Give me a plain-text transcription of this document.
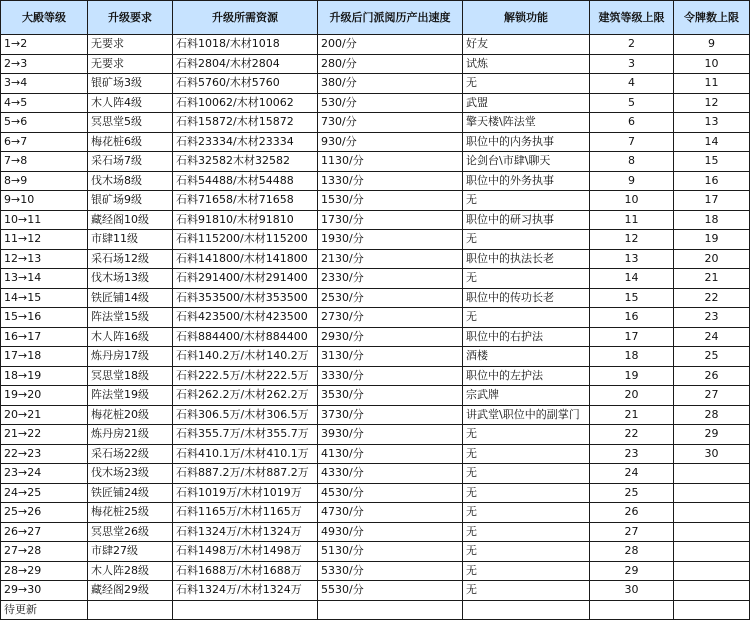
大殿等级	升级要求	升级所需资源	升级后门派阅历产出速度	解锁功能	建筑等级上限	令牌数上限
1→2	无要求	石料1018/木材1018	200/分	好友	2	9
2→3	无要求	石料2804/木材2804	280/分	试炼	3	10
3→4	银矿场3级	石料5760/木材5760	380/分	无	4	11
4→5	木人阵4级	石料10062/木材10062	530/分	武盟	5	12
5→6	冥思堂5级	石料15872/木材15872	730/分	擎天楼\阵法堂	6	13
6→7	梅花桩6级	石料23334/木材23334	930/分	职位中的内务执事	7	14
7→8	采石场7级	石料32582木材32582	1130/分	论剑台\市肆\聊天	8	15
8→9	伐木场8级	石料54488/木材54488	1330/分	职位中的外务执事	9	16
9→10	银矿场9级	石料71658/木材71658	1530/分	无	10	17
10→11	藏经阁10级	石料91810/木材91810	1730/分	职位中的研习执事	11	18
11→12	市肆11级	石料115200/木材115200	1930/分	无	12	19
12→13	采石场12级	石料141800/木材141800	2130/分	职位中的执法长老	13	20
13→14	伐木场13级	石料291400/木材291400	2330/分	无	14	21
14→15	铁匠铺14级	石料353500/木材353500	2530/分	职位中的传功长老	15	22
15→16	阵法堂15级	石料423500/木材423500	2730/分	无	16	23
16→17	木人阵16级	石料884400/木材884400	2930/分	职位中的右护法	17	24
17→18	炼丹房17级	石料140.2万/木材140.2万	3130/分	酒楼	18	25
18→19	冥思堂18级	石料222.5万/木材222.5万	3330/分	职位中的左护法	19	26
19→20	阵法堂19级	石料262.2万/木材262.2万	3530/分	宗武牌	20	27
20→21	梅花桩20级	石料306.5万/木材306.5万	3730/分	讲武堂\职位中的副掌门	21	28
21→22	炼丹房21级	石料355.7万/木材355.7万	3930/分	无	22	29
22→23	采石场22级	石料410.1万/木材410.1万	4130/分	无	23	30
23→24	伐木场23级	石料887.2万/木材887.2万	4330/分	无	24	
24→25	铁匠铺24级	石料1019万/木材1019万	4530/分	无	25	
25→26	梅花桩25级	石料1165万/木材1165万	4730/分	无	26	
26→27	冥思堂26级	石料1324万/木材1324万	4930/分	无	27	
27→28	市肆27级	石料1498万/木材1498万	5130/分	无	28	
28→29	木人阵28级	石料1688万/木材1688万	5330/分	无	29	
29→30	藏经阁29级	石料1324万/木材1324万	5530/分	无	30	
待更新						
